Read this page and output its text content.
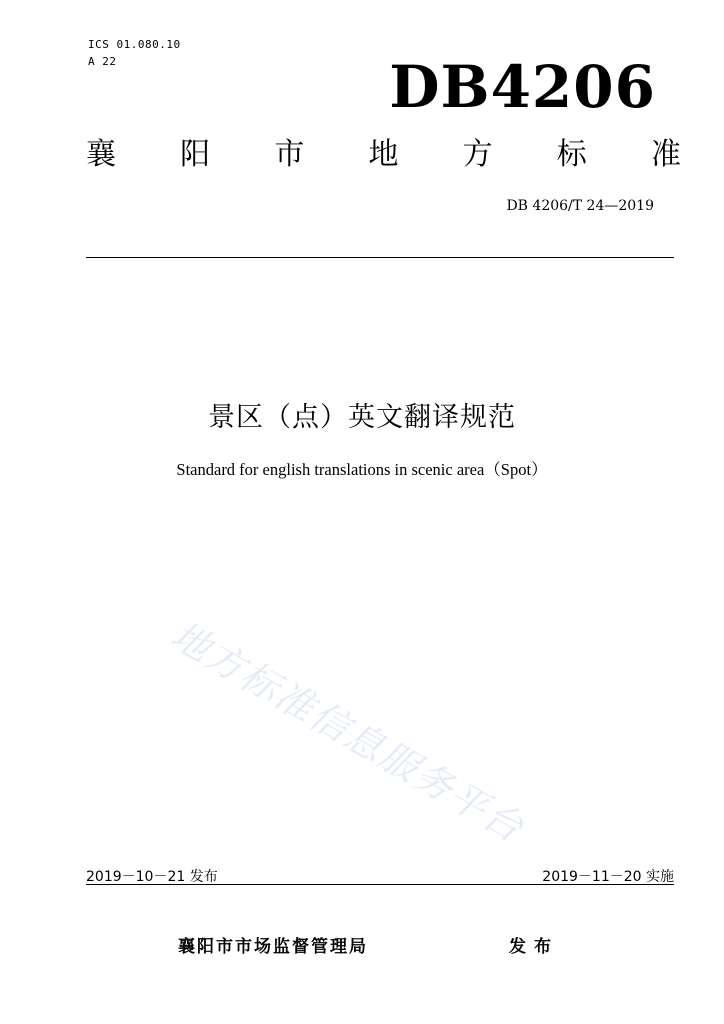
ICS 01.080.10
A 22	DB4206
襄 阳 市 地 方 标 准
DB 4206/T 24—2019
景区（点）英文翻译规范
Standard for english translations in scenic area（Spot）
地方标准信息服务平台
2019－10－21 发布	2019－11－20 实施
襄阳市市场监督管理局	发布
